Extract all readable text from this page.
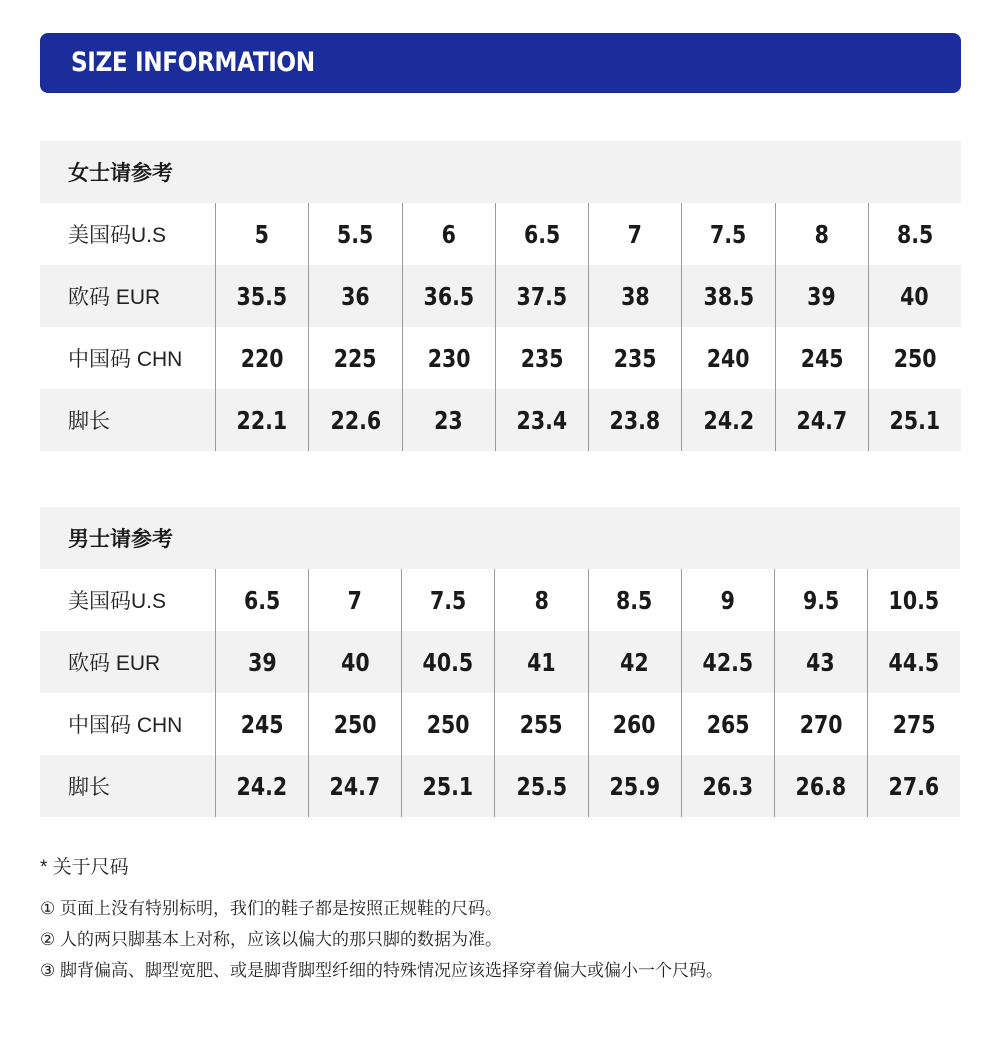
SIZE INFORMATION
女士请参考
美国码U.S	5	5.5	6	6.5	7	7.5	8	8.5
欧码 EUR	35.5 36 36.5 37.5 38 38.5 39	40
中国码 CHN	220 225 230 235 235 240 245 250
脚长	22.1 22.6 23 23.4 23.8 24.2 24.7 25.1
男士请参考
美国码U.S	6.5	7	7.5	8	8.5	9	9.5 10.5
欧码 EUR	39	40 40.5 41	42 42.5 43 44.5
中国码 CHN	245 250 250 255 260 265 270 275
脚长	24.2 24.7 25.1 25.5 25.9 26.3 26.8 27.6
* 关于尺码
① 页面上没有特别标明，我们的鞋子都是按照正规鞋的尺码。
② 人的两只脚基本上对称，应该以偏大的那只脚的数据为准。
③ 脚背偏高、脚型宽肥、或是脚背脚型纤细的特殊情况应该选择穿着偏大或偏小一个尺码。
